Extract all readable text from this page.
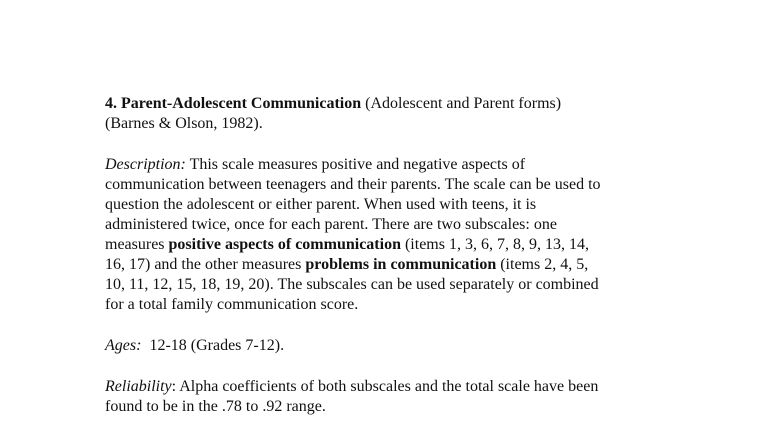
4. Parent-Adolescent Communication (Adolescent and Parent forms)
(Barnes & Olson, 1982).
Description: This scale measures positive and negative aspects of
communication between teenagers and their parents. The scale can be used to
question the adolescent or either parent. When used with teens, it is
administered twice, once for each parent. There are two subscales: one
measures positive aspects of communication (items 1, 3, 6, 7, 8, 9, 13, 14,
16, 17) and the other measures problems in communication (items 2, 4, 5,
10, 11, 12, 15, 18, 19, 20). The subscales can be used separately or combined
for a total family communication score.
Ages:  12-18 (Grades 7-12).
Reliability: Alpha coefficients of both subscales and the total scale have been
found to be in the .78 to .92 range.
